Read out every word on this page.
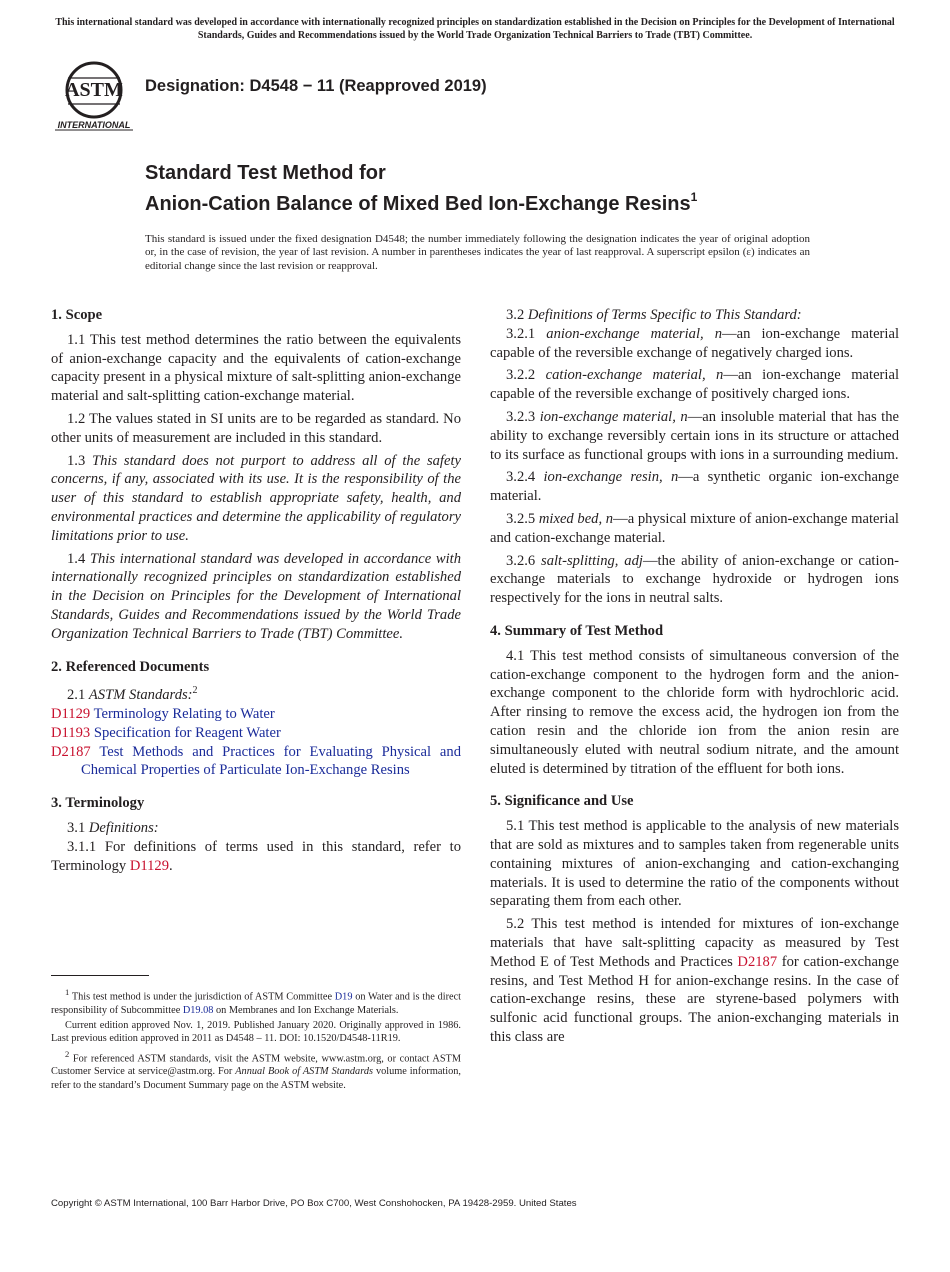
This international standard was developed in accordance with internationally recognized principles on standardization established in the Decision on Principles for the Development of International Standards, Guides and Recommendations issued by the World Trade Organization Technical Barriers to Trade (TBT) Committee.
ASTM
INTERNATIONAL
Designation: D4548 − 11 (Reapproved 2019)
Standard Test Method for
Anion-Cation Balance of Mixed Bed Ion-Exchange Resins$^1$
This standard is issued under the fixed designation D4548; the number immediately following the designation indicates the year of original adoption or, in the case of revision, the year of last revision. A number in parentheses indicates the year of last reapproval. A superscript epsilon (ε) indicates an editorial change since the last revision or reapproval.
1. Scope

1.1 This test method determines the ratio between the equivalents of anion-exchange capacity and the equivalents of cation-exchange capacity present in a physical mixture of salt-splitting anion-exchange material and salt-splitting cation-exchange material.

1.2 The values stated in SI units are to be regarded as standard. No other units of measurement are included in this standard.

1.3 This standard does not purport to address all of the safety concerns, if any, associated with its use. It is the responsibility of the user of this standard to establish appropriate safety, health, and environmental practices and determine the applicability of regulatory limitations prior to use.

1.4 This international standard was developed in accordance with internationally recognized principles on standardization established in the Decision on Principles for the Development of International Standards, Guides and Recommendations issued by the World Trade Organization Technical Barriers to Trade (TBT) Committee.

2. Referenced Documents

2.1 ASTM Standards:$^2$

D1129 Terminology Relating to Water

D1193 Specification for Reagent Water

D2187 Test Methods and Practices for Evaluating Physical and Chemical Properties of Particulate Ion-Exchange Resins

3. Terminology

3.1 Definitions:

3.1.1 For definitions of terms used in this standard, refer to Terminology D1129.

$^1$ This test method is under the jurisdiction of ASTM Committee D19 on Water and is the direct responsibility of Subcommittee D19.08 on Membranes and Ion Exchange Materials.

Current edition approved Nov. 1, 2019. Published January 2020. Originally approved in 1986. Last previous edition approved in 2011 as D4548 – 11. DOI: 10.1520/D4548-11R19.

$^2$ For referenced ASTM standards, visit the ASTM website, www.astm.org, or contact ASTM Customer Service at service@astm.org. For Annual Book of ASTM Standards volume information, refer to the standard’s Document Summary page on the ASTM website.

3.2 Definitions of Terms Specific to This Standard:

3.2.1 anion-exchange material, n—an ion-exchange material capable of the reversible exchange of negatively charged ions.

3.2.2 cation-exchange material, n—an ion-exchange material capable of the reversible exchange of positively charged ions.

3.2.3 ion-exchange material, n—an insoluble material that has the ability to exchange reversibly certain ions in its structure or attached to its surface as functional groups with ions in a surrounding medium.

3.2.4 ion-exchange resin, n—a synthetic organic ion-exchange material.

3.2.5 mixed bed, n—a physical mixture of anion-exchange material and cation-exchange material.

3.2.6 salt-splitting, adj—the ability of anion-exchange or cation-exchange materials to exchange hydroxide or hydrogen ions respectively for the ions in neutral salts.

4. Summary of Test Method

4.1 This test method consists of simultaneous conversion of the cation-exchange component to the hydrogen form and the anion-exchange component to the chloride form with hydrochloric acid. After rinsing to remove the excess acid, the hydrogen ion from the cation resin and the chloride ion from the anion resin are simultaneously eluted with neutral sodium nitrate, and the amount eluted is determined by titration of the effluent for both ions.

5. Significance and Use

5.1 This test method is applicable to the analysis of new materials that are sold as mixtures and to samples taken from regenerable units containing mixtures of anion-exchanging and cation-exchanging materials. It is used to determine the ratio of the components without separating them from each other.

5.2 This test method is intended for mixtures of ion-exchange materials that have salt-splitting capacity as measured by Test Method E of Test Methods and Practices D2187 for cation-exchange resins, and Test Method H for anion-exchange resins. In the case of cation-exchange resins, these are styrene-based polymers with sulfonic acid functional groups. The anion-exchanging materials in this class are

Copyright © ASTM International, 100 Barr Harbor Drive, PO Box C700, West Conshohocken, PA 19428-2959. United States
